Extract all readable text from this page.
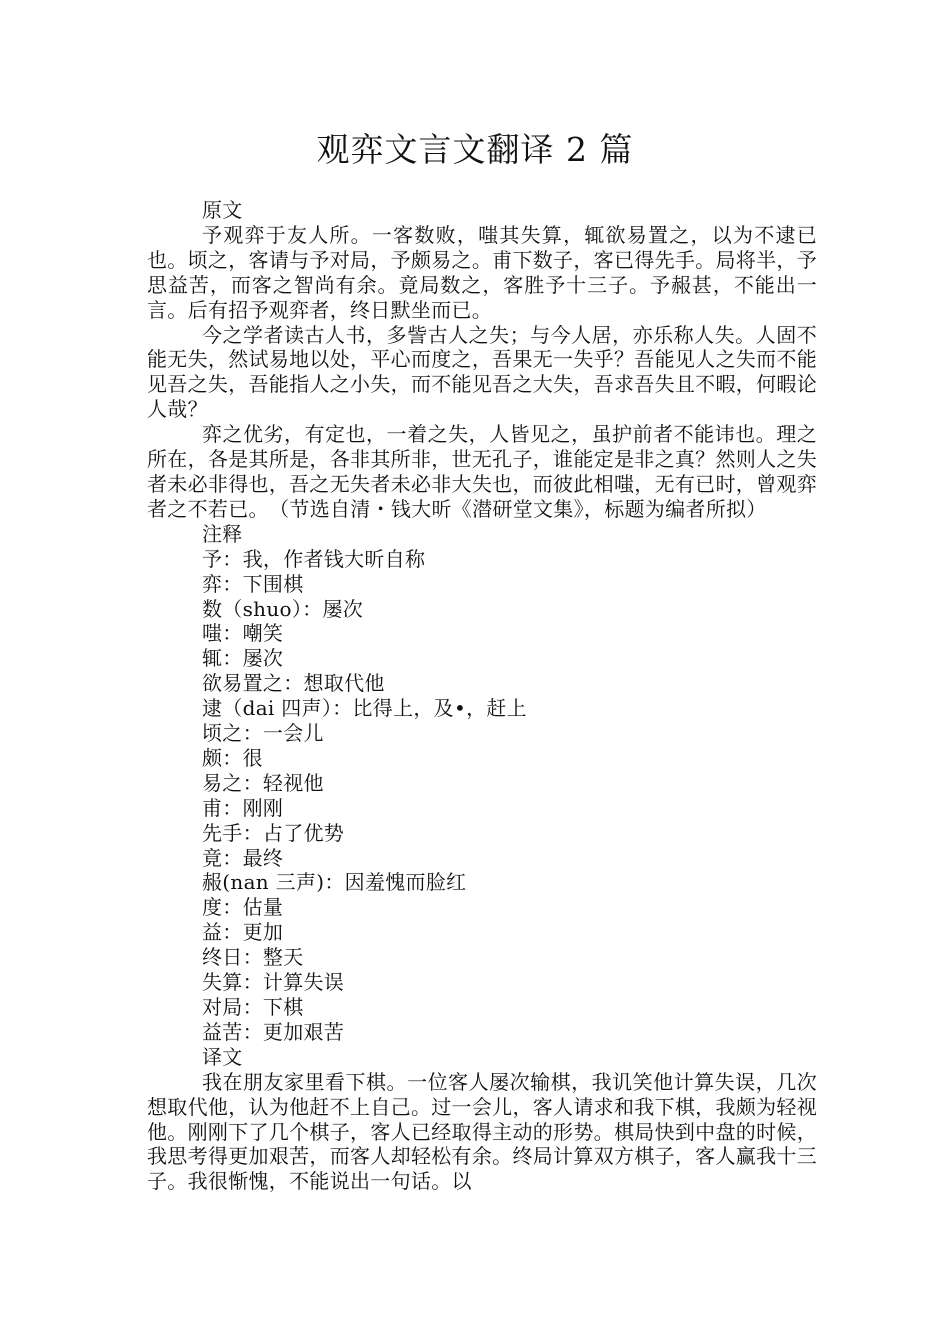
观弈文言文翻译 2 篇

原文

予观弈于友人所。一客数败，嗤其失算，辄欲易置之，以为不逮已也。顷之，客请与予对局，予颇易之。甫下数子，客已得先手。局将半，予思益苦，而客之智尚有余。竟局数之，客胜予十三子。予赧甚，不能出一言。后有招予观弈者，终日默坐而已。

今之学者读古人书，多訾古人之失；与今人居，亦乐称人失。人固不能无失，然试易地以处，平心而度之，吾果无一失乎？吾能见人之失而不能见吾之失，吾能指人之小失，而不能见吾之大失，吾求吾失且不暇，何暇论人哉？

弈之优劣，有定也，一着之失，人皆见之，虽护前者不能讳也。理之所在，各是其所是，各非其所非，世无孔子，谁能定是非之真？然则人之失者未必非得也，吾之无失者未必非大失也，而彼此相嗤，无有已时，曾观弈者之不若已。　（节选自清・钱大昕《潜研堂文集》，标题为编者所拟）

注释

予：我，作者钱大昕自称

弈：下围棋

数（shuo）：屡次

嗤：嘲笑

辄：屡次

欲易置之：想取代他

逮（dai 四声）：比得上，及•，赶上

顷之：一会儿

颇：很

易之：轻视他

甫：刚刚

先手：占了优势

竟：最终

赧(nan 三声)：因羞愧而脸红

度：估量

益：更加

终日：整天

失算：计算失误

对局：下棋

益苦：更加艰苦

译文

我在朋友家里看下棋。一位客人屡次输棋，我讥笑他计算失误，几次想取代他，认为他赶不上自己。过一会儿，客人请求和我下棋，我颇为轻视他。刚刚下了几个棋子，客人已经取得主动的形势。棋局快到中盘的时候，我思考得更加艰苦，而客人却轻松有余。终局计算双方棋子，客人赢我十三子。我很惭愧，不能说出一句话。以
